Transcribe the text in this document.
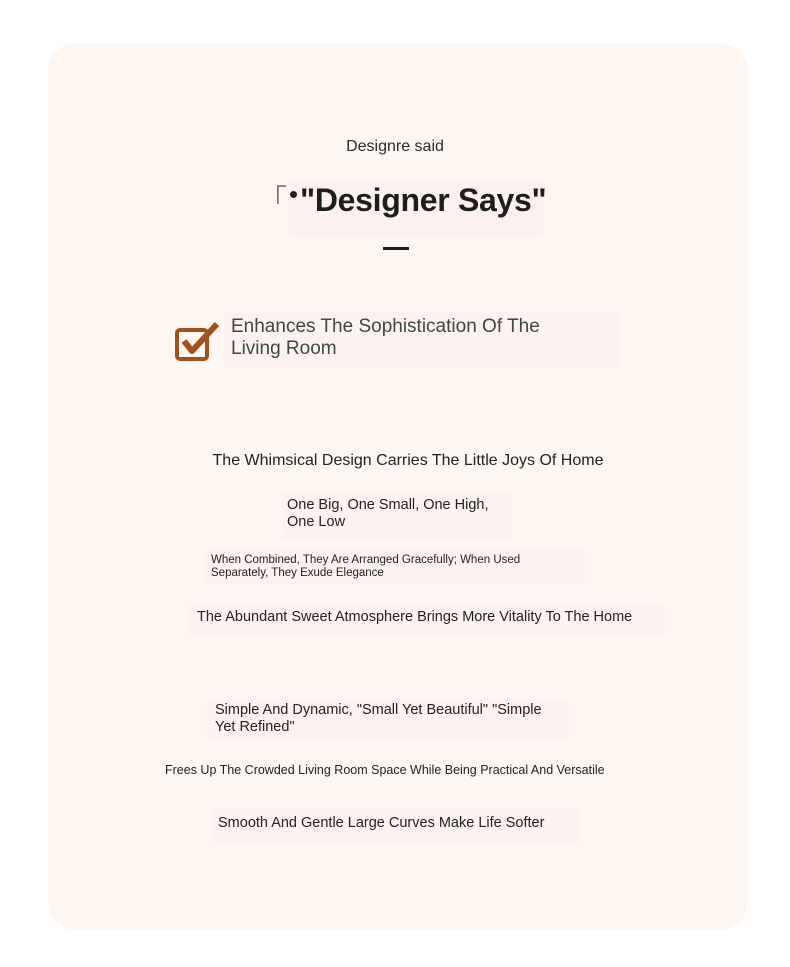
Designre said
「 "Designer Says"
Enhances The Sophistication Of The Living Room
The Whimsical Design Carries The Little Joys Of Home
One Big, One Small, One High, One Low
When Combined, They Are Arranged Gracefully; When Used Separately, They Exude Elegance
The Abundant Sweet Atmosphere Brings More Vitality To The Home
Simple And Dynamic, "Small Yet Beautiful" "Simple Yet Refined"
Frees Up The Crowded Living Room Space While Being Practical And Versatile
Smooth And Gentle Large Curves Make Life Softer
